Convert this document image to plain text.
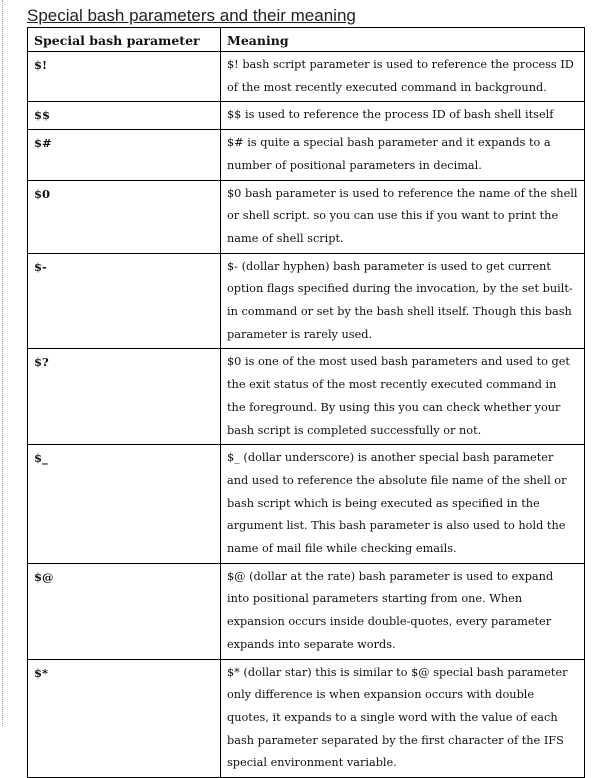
Special bash parameters and their meaning
Special bash parameter	Meaning
$!	$! bash script parameter is used to reference the process ID of the most recently executed command in background.
$$	$$ is used to reference the process ID of bash shell itself
$#	$# is quite a special bash parameter and it expands to a number of positional parameters in decimal.
$0	$0 bash parameter is used to reference the name of the shell or shell script. so you can use this if you want to print the name of shell script.
$-	$- (dollar hyphen) bash parameter is used to get current option flags specified during the invocation, by the set built-in command or set by the bash shell itself. Though this bash parameter is rarely used.
$?	$0 is one of the most used bash parameters and used to get the exit status of the most recently executed command in the foreground. By using this you can check whether your bash script is completed successfully or not.
$_	$_ (dollar underscore) is another special bash parameter and used to reference the absolute file name of the shell or bash script which is being executed as specified in the argument list. This bash parameter is also used to hold the name of mail file while checking emails.
$@	$@ (dollar at the rate) bash parameter is used to expand into positional parameters starting from one. When expansion occurs inside double-quotes, every parameter expands into separate words.
$*	$* (dollar star) this is similar to $@ special bash parameter only difference is when expansion occurs with double quotes, it expands to a single word with the value of each bash parameter separated by the first character of the IFS special environment variable.
